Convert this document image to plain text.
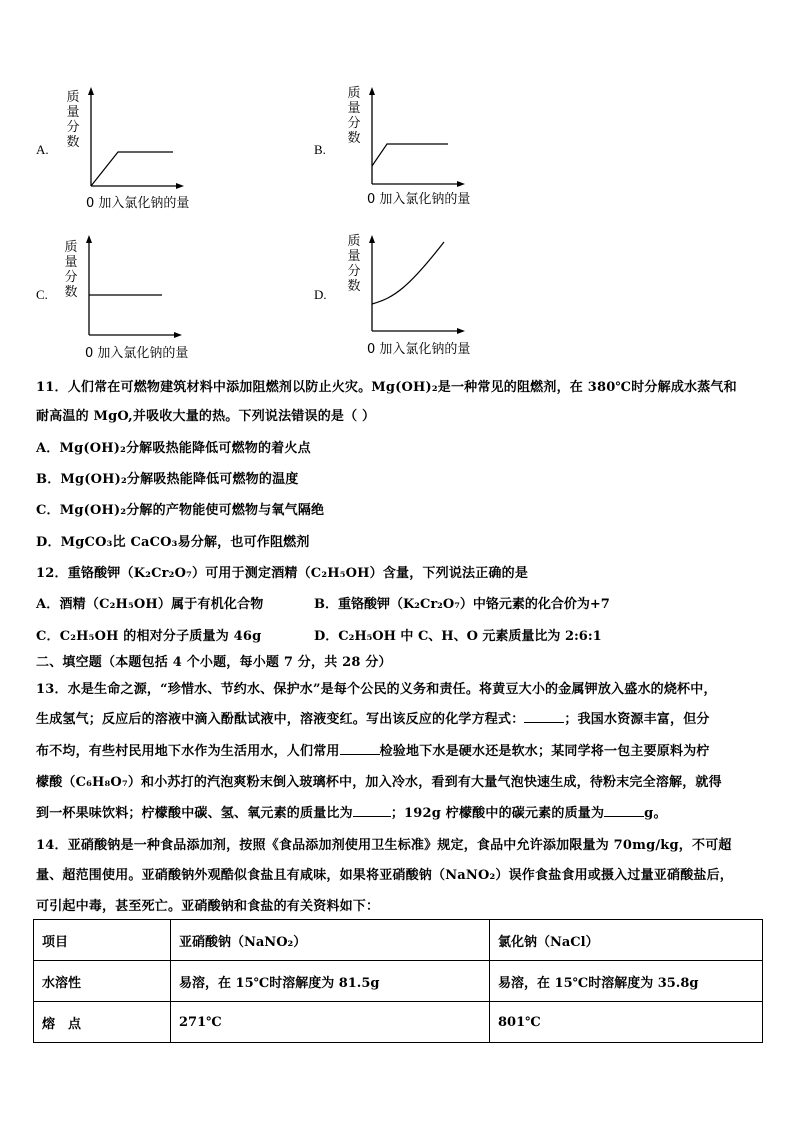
A.
质
量
分
数
0 加入氯化钠的量
B.
质
量
分
数
0 加入氯化钠的量
C.
质
量
分
数
0 加入氯化钠的量
D.
质
量
分
数
0 加入氯化钠的量
11．人们常在可燃物建筑材料中添加阻燃剂以防止火灾。Mg(OH)₂是一种常见的阻燃剂，在 380℃时分解成水蒸气和
耐高温的 MgO,并吸收大量的热。下列说法错误的是（ ）
A．Mg(OH)₂分解吸热能降低可燃物的着火点
B．Mg(OH)₂分解吸热能降低可燃物的温度
C．Mg(OH)₂分解的产物能使可燃物与氧气隔绝
D．MgCO₃比 CaCO₃易分解，也可作阻燃剂
12．重铬酸钾（K₂Cr₂O₇）可用于测定酒精（C₂H₅OH）含量，下列说法正确的是
A．酒精（C₂H₅OH）属于有机化合物	B．重铬酸钾（K₂Cr₂O₇）中铬元素的化合价为+7
C．C₂H₅OH 的相对分子质量为 46g	D．C₂H₅OH 中 C、H、O 元素质量比为 2:6:1
二、填空题（本题包括 4 个小题，每小题 7 分，共 28 分）
13．水是生命之源，“珍惜水、节约水、保护水”是每个公民的义务和责任。将黄豆大小的金属钾放入盛水的烧杯中，
生成氢气；反应后的溶液中滴入酚酞试液中，溶液变红。写出该反应的化学方程式：	；我国水资源丰富，但分
布不均，有些村民用地下水作为生活用水，人们常用	检验地下水是硬水还是软水；某同学将一包主要原料为柠
檬酸（C₆H₈O₇）和小苏打的汽泡爽粉末倒入玻璃杯中，加入冷水，看到有大量气泡快速生成，待粉末完全溶解，就得
到一杯果味饮料；柠檬酸中碳、氢、氧元素的质量比为	；192g 柠檬酸中的碳元素的质量为	g。
14．亚硝酸钠是一种食品添加剂，按照《食品添加剂使用卫生标准》规定，食品中允许添加限量为 70mg/kg，不可超
量、超范围使用。亚硝酸钠外观酷似食盐且有咸味，如果将亚硝酸钠（NaNO₂）误作食盐食用或摄入过量亚硝酸盐后，
可引起中毒，甚至死亡。亚硝酸钠和食盐的有关资料如下：
项目	亚硝酸钠（NaNO₂）	氯化钠（NaCl）
水溶性	易溶，在 15℃时溶解度为 81.5g	易溶，在 15℃时溶解度为 35.8g
熔　点	271℃	801℃
